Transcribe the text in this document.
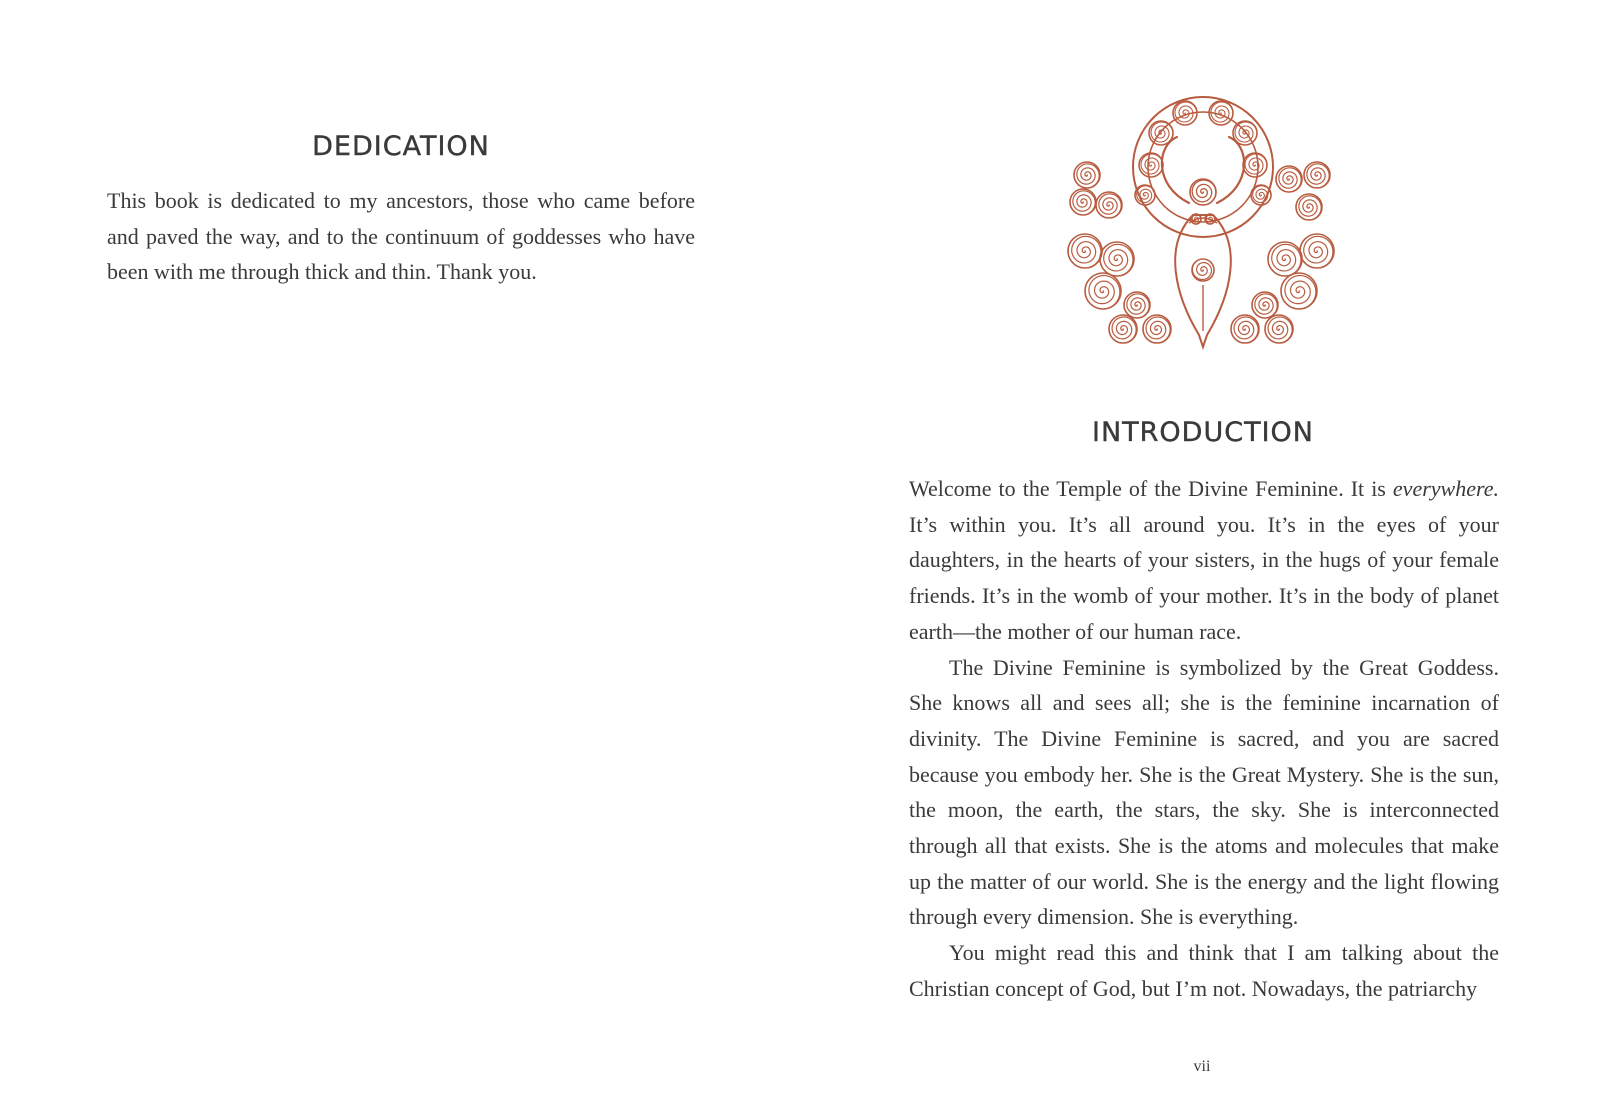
DEDICATION

This book is dedicated to my ancestors, those who came before and paved the way, and to the continuum of goddesses who have been with me through thick and thin. Thank you.

INTRODUCTION

Welcome to the Temple of the Divine Feminine. It is everywhere. It’s within you. It’s all around you. It’s in the eyes of your daughters, in the hearts of your sisters, in the hugs of your female friends. It’s in the womb of your mother. It’s in the body of planet earth—the mother of our human race.

The Divine Feminine is symbolized by the Great Goddess. She knows all and sees all; she is the feminine incarnation of divinity. The Divine Feminine is sacred, and you are sacred because you embody her. She is the Great Mystery. She is the sun, the moon, the earth, the stars, the sky. She is interconnected through all that exists. She is the atoms and molecules that make up the matter of our world. She is the energy and the light flowing through every dimension. She is everything.

You might read this and think that I am talking about the Christian concept of God, but I’m not. Nowadays, the patriarchy

vii
